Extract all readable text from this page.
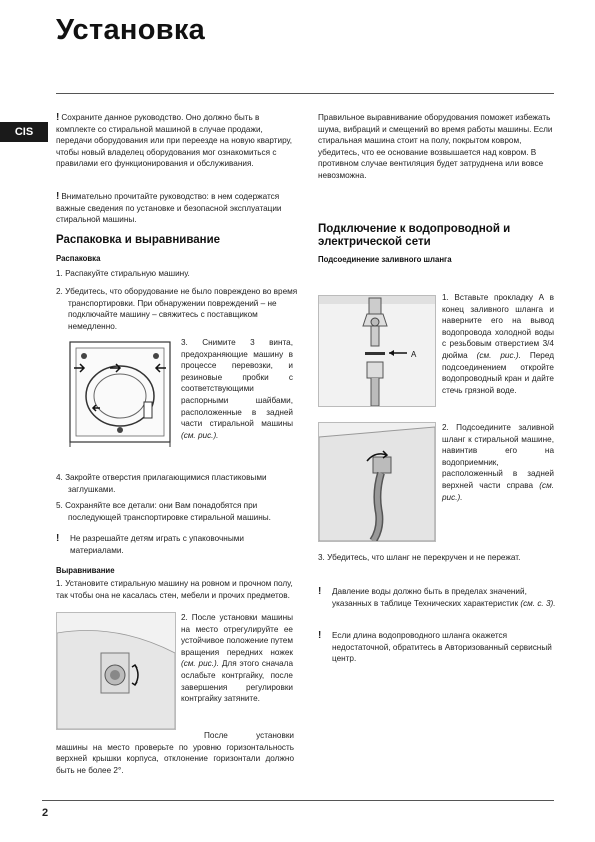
Установка
CIS

! Сохраните данное руководство. Оно должно быть в комплекте со стиральной машиной в случае продажи, передачи оборудования или при переезде на новую квартиру, чтобы новый владелец оборудования мог ознакомиться с правилами его функционирования и обслуживания.

! Внимательно прочитайте руководство: в нем содержатся важные сведения по установке и безопасной эксплуатации стиральной машины.

Распаковка и выравнивание
Распаковка
1. Распакуйте стиральную машину.
2. Убедитесь, что оборудование не было повреждено во время транспортировки. При обнаружении повреждений – не подключайте машину – свяжитесь с поставщиком немедленно.
3. Снимите 3 винта, предохраняющие машину в процессе перевозки, и резиновые пробки с соответствующими распорными шайбами, расположенные в задней части стиральной машины (см. рис.).
4. Закройте отверстия прилагающимися пластиковыми заглушками.
5. Сохраняйте все детали: они Вам понадобятся при последующей транспортировке стиральной машины.
!	Не разрешайте детям играть с упаковочными материалами.
Выравнивание
1. Установите стиральную машину на ровном и прочном полу, так чтобы она не касалась стен, мебели и прочих предметов.
2. После установки машины на место отрегулируйте ее устойчивое положение путем вращения передних ножек (см. рис.). Для этого сначала ослабьте контргайку, после завершения регулировки контргайку затяните.
После установки машины на место проверьте по уровню горизонтальность верхней крышки корпуса, отклонение горизонтали должно быть не более 2°.
Правильное выравнивание оборудования поможет избежать шума, вибраций и смещений во время работы машины. Если стиральная машина стоит на полу, покрытом ковром, убедитесь, что ее основание возвышается над ковром. В противном случае вентиляция будет затруднена или вовсе невозможна.
Подключение к водопроводной и электрической сети
Подсоединение заливного шланга
A
1. Вставьте прокладку А в конец заливного шланга и наверните его на вывод водопровода холодной воды с резьбовым отверстием 3/4 дюйма (см. рис.). Перед подсоединением откройте водопроводный кран и дайте стечь грязной воде.
2. Подсоедините заливной шланг к стиральной машине, навинтив его на водоприемник, расположенный в задней верхней части справа (см. рис.).
3. Убедитесь, что шланг не перекручен и не пережат.
!	Давление воды должно быть в пределах значений, указанных в таблице Технических характеристик (см. с. 3).
!	Если длина водопроводного шланга окажется недостаточной, обратитесь в Авторизованный сервисный центр.
2
